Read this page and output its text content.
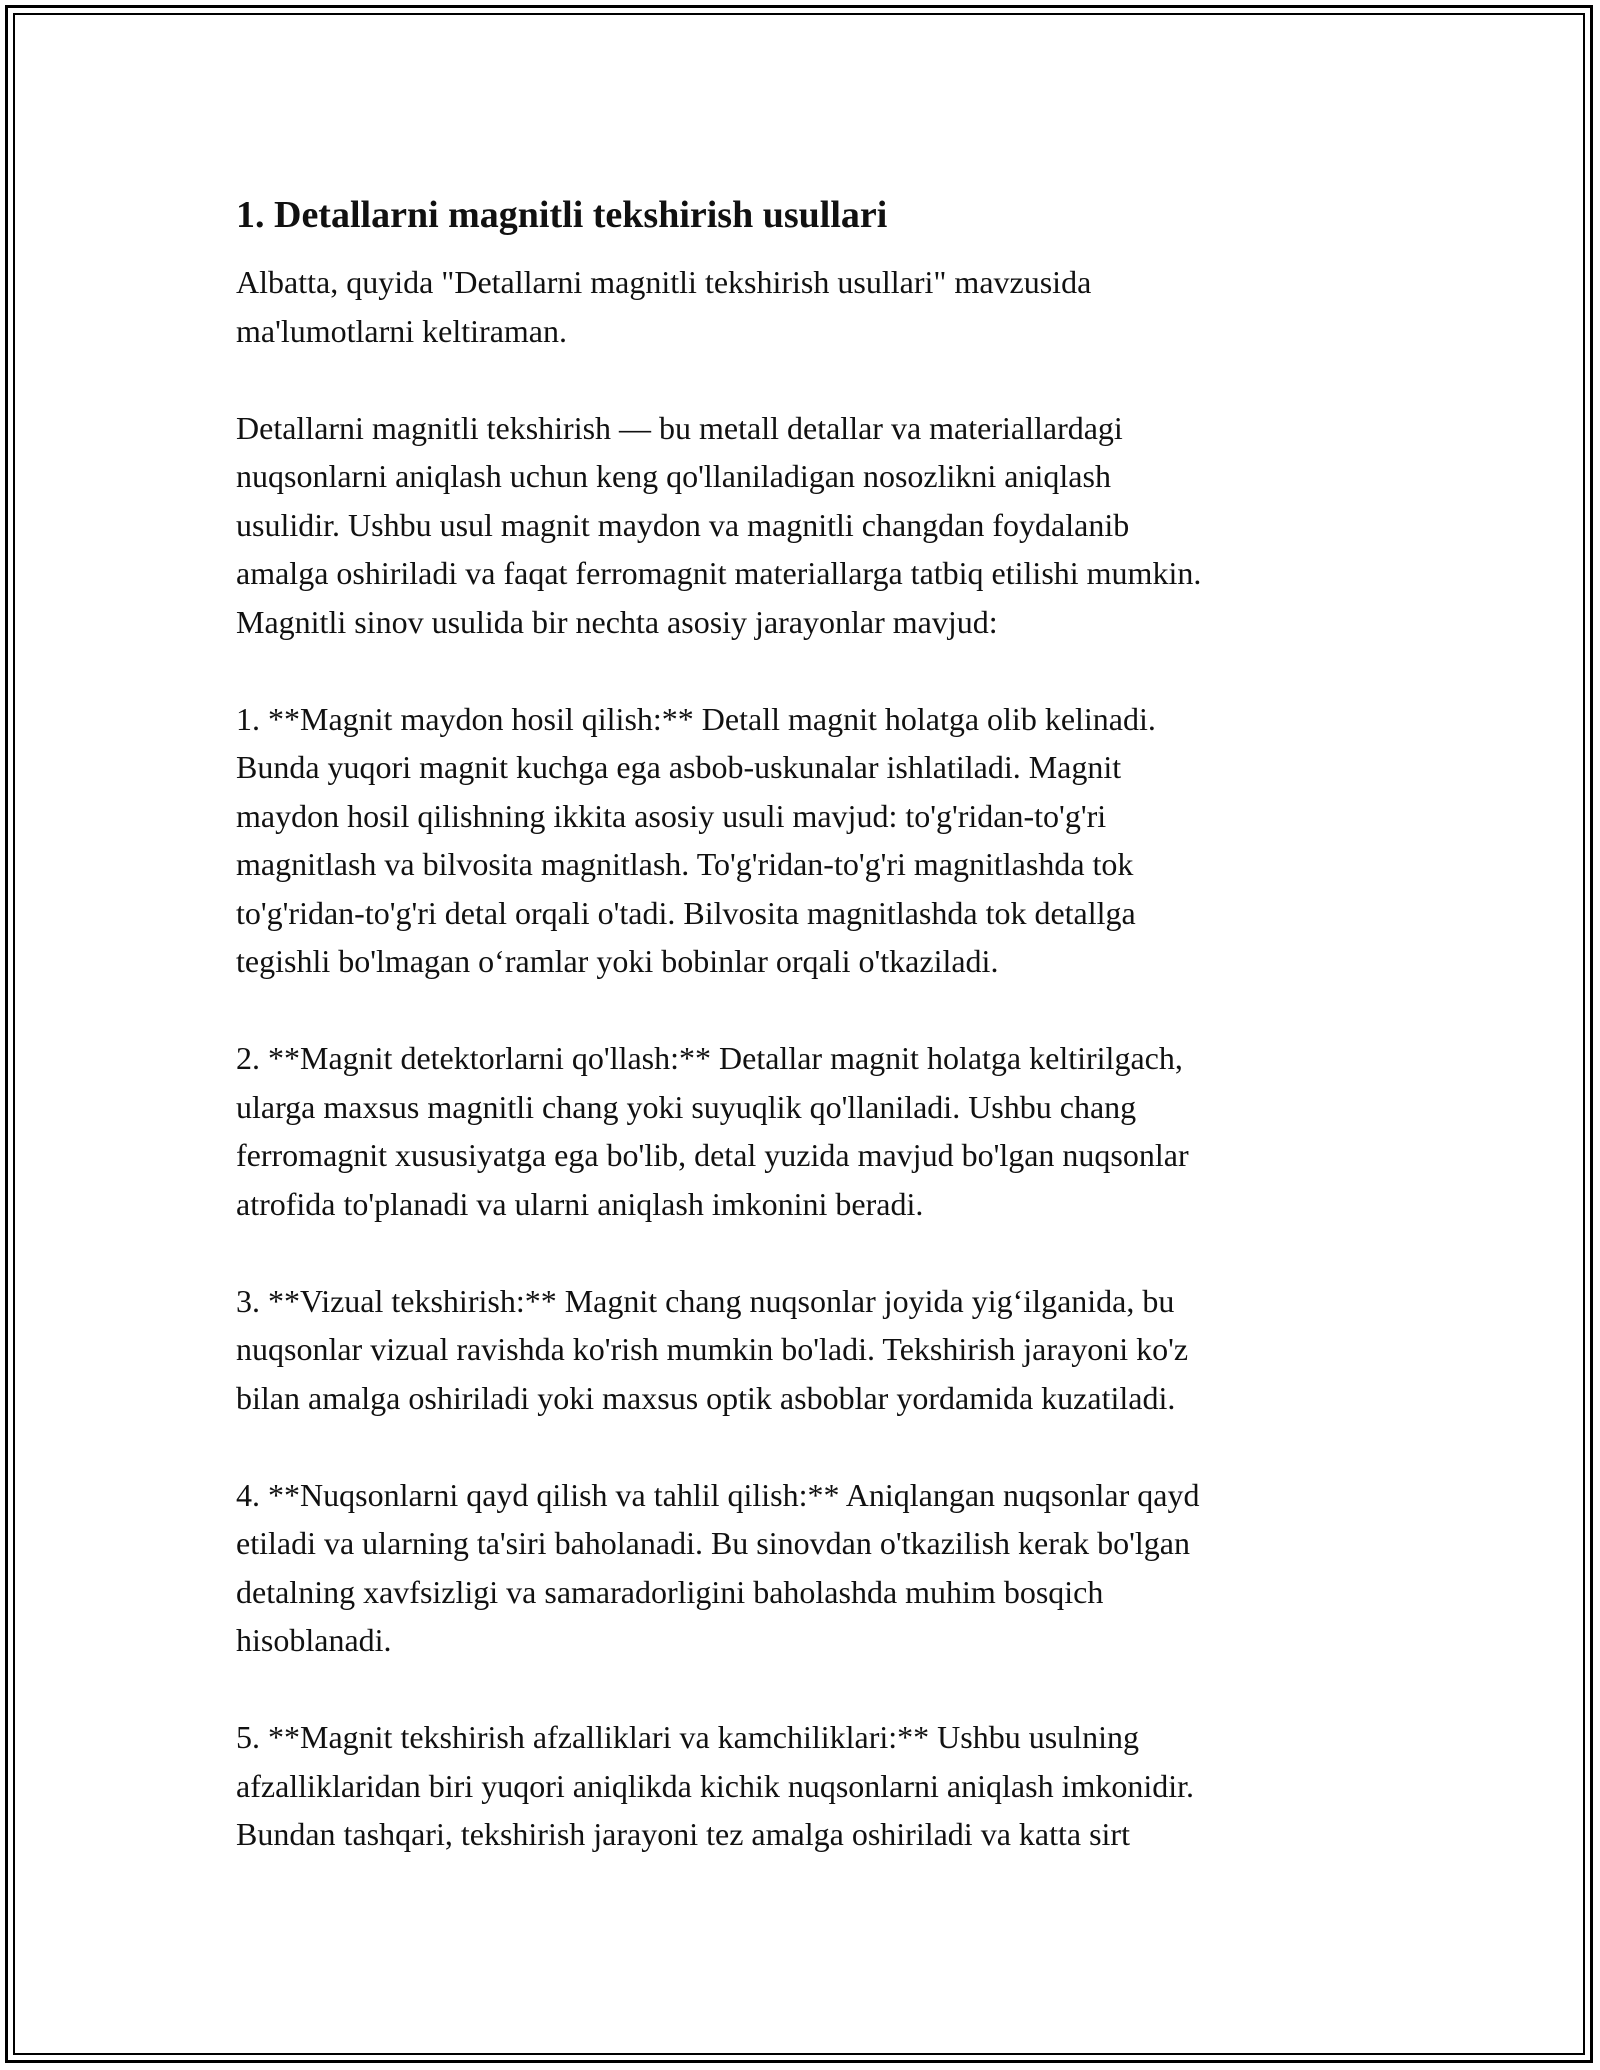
1. Detallarni magnitli tekshirish usullari

Albatta, quyida "Detallarni magnitli tekshirish usullari" mavzusida
ma'lumotlarni keltiraman.

Detallarni magnitli tekshirish — bu metall detallar va materiallardagi
nuqsonlarni aniqlash uchun keng qo'llaniladigan nosozlikni aniqlash
usulidir. Ushbu usul magnit maydon va magnitli changdan foydalanib
amalga oshiriladi va faqat ferromagnit materiallarga tatbiq etilishi mumkin.
Magnitli sinov usulida bir nechta asosiy jarayonlar mavjud:

1. **Magnit maydon hosil qilish:** Detall magnit holatga olib kelinadi.
Bunda yuqori magnit kuchga ega asbob-uskunalar ishlatiladi. Magnit
maydon hosil qilishning ikkita asosiy usuli mavjud: to'g'ridan-to'g'ri
magnitlash va bilvosita magnitlash. To'g'ridan-to'g'ri magnitlashda tok
to'g'ridan-to'g'ri detal orqali o'tadi. Bilvosita magnitlashda tok detallga
tegishli bo'lmagan o‘ramlar yoki bobinlar orqali o'tkaziladi.

2. **Magnit detektorlarni qo'llash:** Detallar magnit holatga keltirilgach,
ularga maxsus magnitli chang yoki suyuqlik qo'llaniladi. Ushbu chang
ferromagnit xususiyatga ega bo'lib, detal yuzida mavjud bo'lgan nuqsonlar
atrofida to'planadi va ularni aniqlash imkonini beradi.

3. **Vizual tekshirish:** Magnit chang nuqsonlar joyida yig‘ilganida, bu
nuqsonlar vizual ravishda ko'rish mumkin bo'ladi. Tekshirish jarayoni ko'z
bilan amalga oshiriladi yoki maxsus optik asboblar yordamida kuzatiladi.

4. **Nuqsonlarni qayd qilish va tahlil qilish:** Aniqlangan nuqsonlar qayd
etiladi va ularning ta'siri baholanadi. Bu sinovdan o'tkazilish kerak bo'lgan
detalning xavfsizligi va samaradorligini baholashda muhim bosqich
hisoblanadi.

5. **Magnit tekshirish afzalliklari va kamchiliklari:** Ushbu usulning
afzalliklaridan biri yuqori aniqlikda kichik nuqsonlarni aniqlash imkonidir.
Bundan tashqari, tekshirish jarayoni tez amalga oshiriladi va katta sirt
